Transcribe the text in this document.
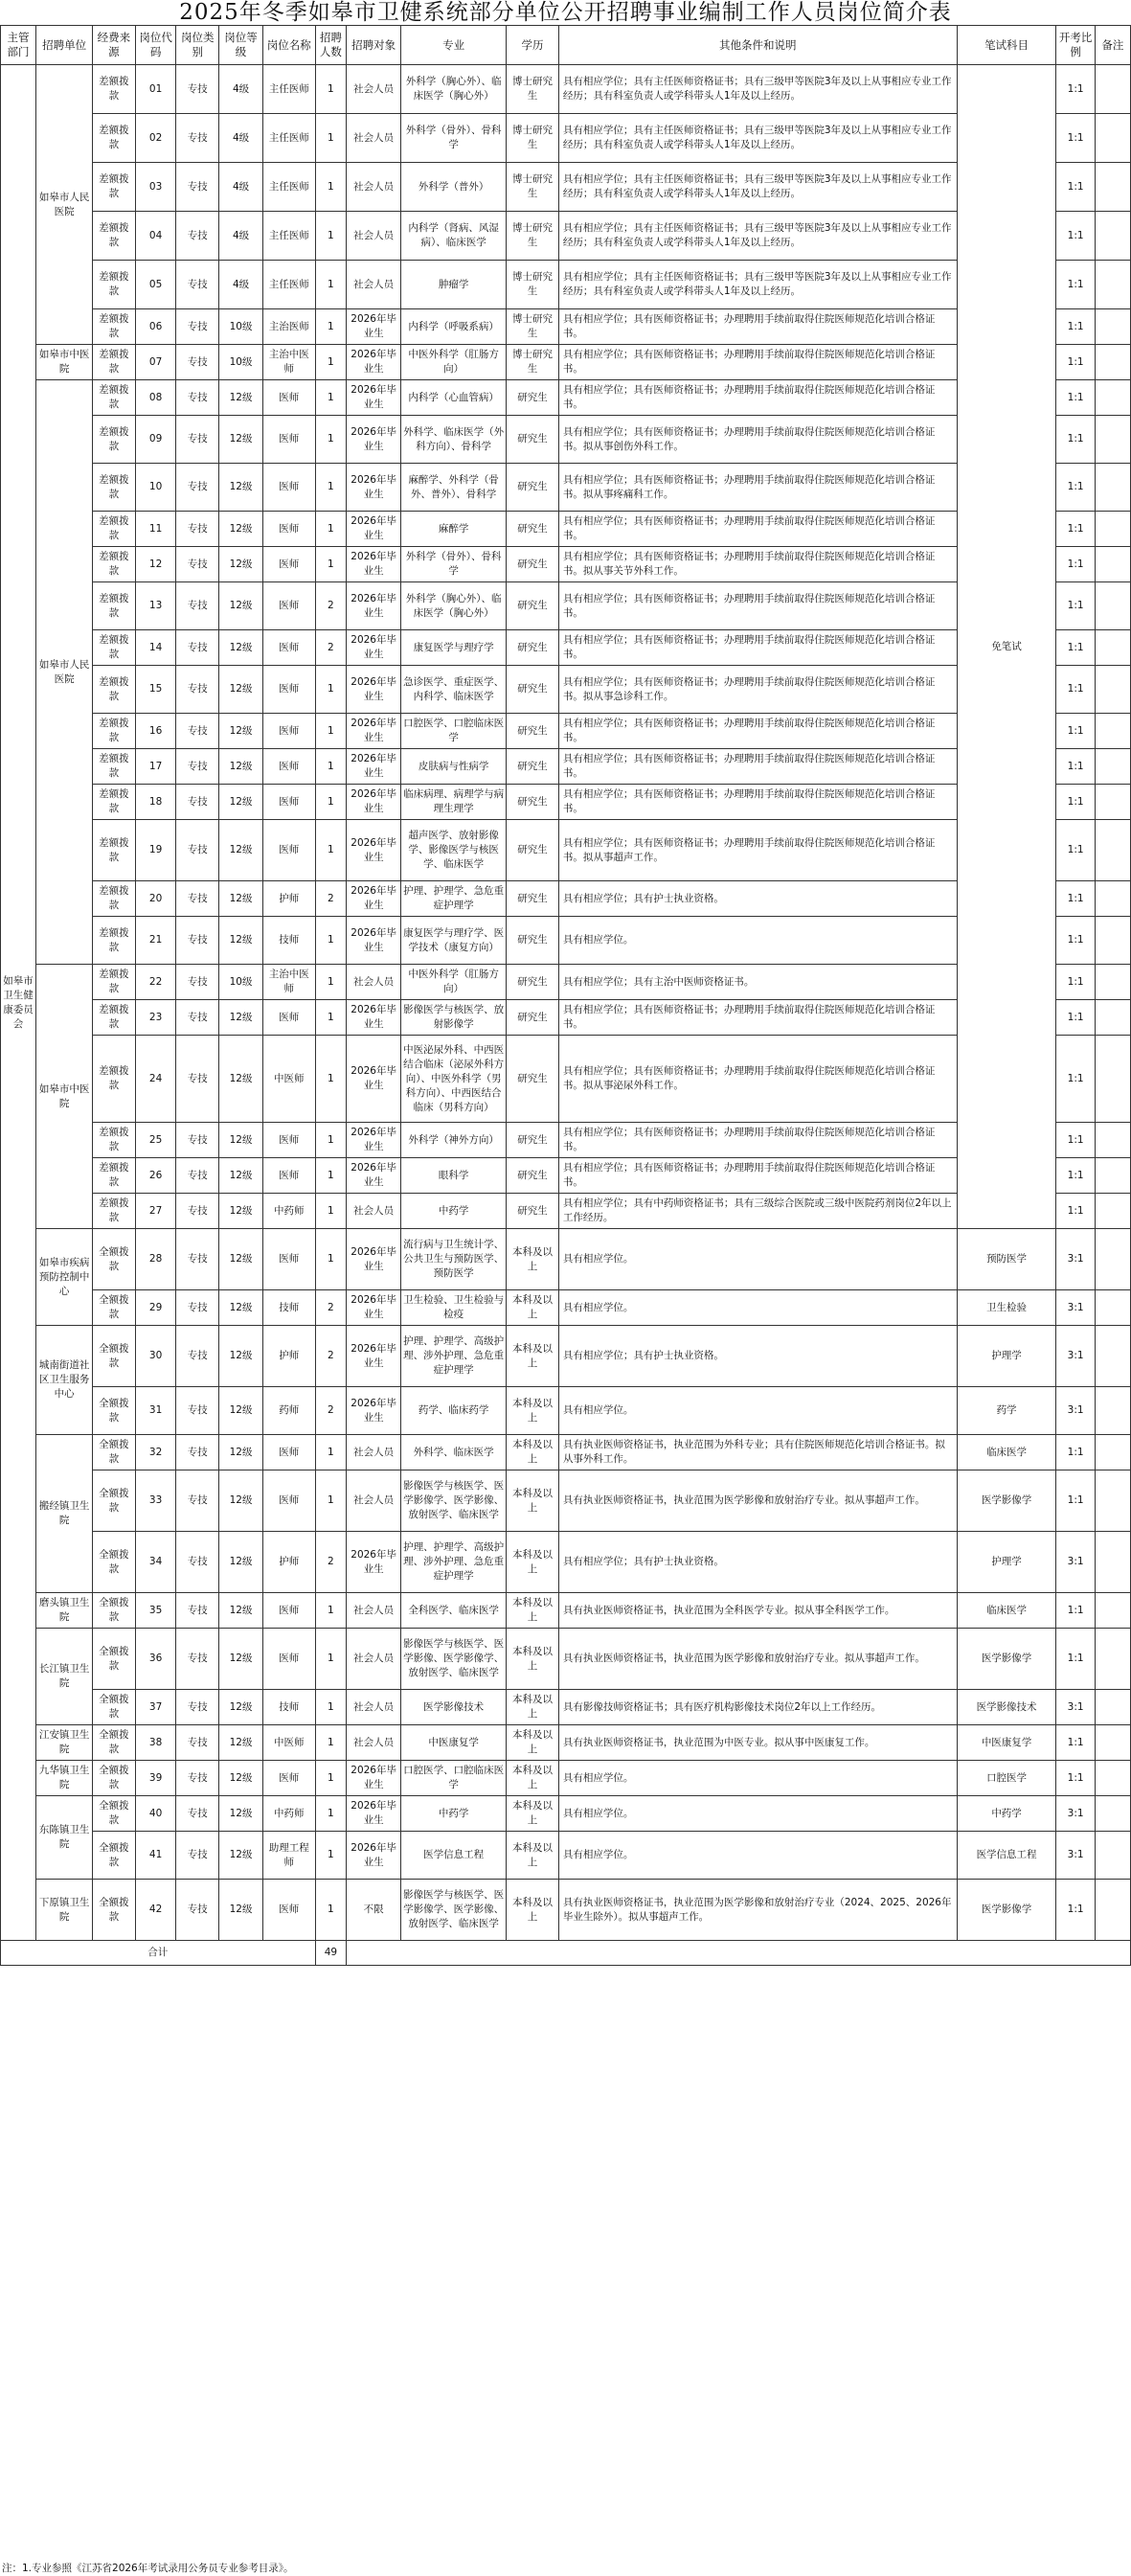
2025年冬季如皋市卫健系统部分单位公开招聘事业编制工作人员岗位简介表
主管部门	招聘单位	经费来源	岗位代码	岗位类别	岗位等级	岗位名称	招聘人数	招聘对象	专业	学历	其他条件和说明	笔试科目	开考比例	备注
如皋市卫生健康委员会	如皋市人民医院	差额拨款	01	专技	4级	主任医师	1	社会人员	外科学（胸心外）、临床医学（胸心外）	博士研究生	具有相应学位；具有主任医师资格证书；具有三级甲等医院3年及以上从事相应专业工作经历；具有科室负责人或学科带头人1年及以上经历。	免笔试	1:1	
		差额拨款	02	专技	4级	主任医师	1	社会人员	外科学（骨外）、骨科学	博士研究生	具有相应学位；具有主任医师资格证书；具有三级甲等医院3年及以上从事相应专业工作经历；具有科室负责人或学科带头人1年及以上经历。		1:1	
		差额拨款	03	专技	4级	主任医师	1	社会人员	外科学（普外）	博士研究生	具有相应学位；具有主任医师资格证书；具有三级甲等医院3年及以上从事相应专业工作经历；具有科室负责人或学科带头人1年及以上经历。		1:1	
		差额拨款	04	专技	4级	主任医师	1	社会人员	内科学（肾病、风湿病）、临床医学	博士研究生	具有相应学位；具有主任医师资格证书；具有三级甲等医院3年及以上从事相应专业工作经历；具有科室负责人或学科带头人1年及以上经历。		1:1	
		差额拨款	05	专技	4级	主任医师	1	社会人员	肿瘤学	博士研究生	具有相应学位；具有主任医师资格证书；具有三级甲等医院3年及以上从事相应专业工作经历；具有科室负责人或学科带头人1年及以上经历。		1:1	
		差额拨款	06	专技	10级	主治医师	1	2026年毕业生	内科学（呼吸系病）	博士研究生	具有相应学位；具有医师资格证书；办理聘用手续前取得住院医师规范化培训合格证书。		1:1	
	如皋市中医院	差额拨款	07	专技	10级	主治中医师	1	2026年毕业生	中医外科学（肛肠方向）	博士研究生	具有相应学位；具有医师资格证书；办理聘用手续前取得住院医师规范化培训合格证书。		1:1	
	如皋市人民医院	差额拨款	08	专技	12级	医师	1	2026年毕业生	内科学（心血管病）	研究生	具有相应学位；具有医师资格证书；办理聘用手续前取得住院医师规范化培训合格证书。		1:1	
		差额拨款	09	专技	12级	医师	1	2026年毕业生	外科学、临床医学（外科方向）、骨科学	研究生	具有相应学位；具有医师资格证书；办理聘用手续前取得住院医师规范化培训合格证书。拟从事创伤外科工作。		1:1	
		差额拨款	10	专技	12级	医师	1	2026年毕业生	麻醉学、外科学（骨外、普外）、骨科学	研究生	具有相应学位；具有医师资格证书；办理聘用手续前取得住院医师规范化培训合格证书。拟从事疼痛科工作。		1:1	
		差额拨款	11	专技	12级	医师	1	2026年毕业生	麻醉学	研究生	具有相应学位；具有医师资格证书；办理聘用手续前取得住院医师规范化培训合格证书。		1:1	
		差额拨款	12	专技	12级	医师	1	2026年毕业生	外科学（骨外）、骨科学	研究生	具有相应学位；具有医师资格证书；办理聘用手续前取得住院医师规范化培训合格证书。拟从事关节外科工作。		1:1	
		差额拨款	13	专技	12级	医师	2	2026年毕业生	外科学（胸心外）、临床医学（胸心外）	研究生	具有相应学位；具有医师资格证书；办理聘用手续前取得住院医师规范化培训合格证书。		1:1	
		差额拨款	14	专技	12级	医师	2	2026年毕业生	康复医学与理疗学	研究生	具有相应学位；具有医师资格证书；办理聘用手续前取得住院医师规范化培训合格证书。		1:1	
		差额拨款	15	专技	12级	医师	1	2026年毕业生	急诊医学、重症医学、内科学、临床医学	研究生	具有相应学位；具有医师资格证书；办理聘用手续前取得住院医师规范化培训合格证书。拟从事急诊科工作。		1:1	
		差额拨款	16	专技	12级	医师	1	2026年毕业生	口腔医学、口腔临床医学	研究生	具有相应学位；具有医师资格证书；办理聘用手续前取得住院医师规范化培训合格证书。		1:1	
		差额拨款	17	专技	12级	医师	1	2026年毕业生	皮肤病与性病学	研究生	具有相应学位；具有医师资格证书；办理聘用手续前取得住院医师规范化培训合格证书。		1:1	
		差额拨款	18	专技	12级	医师	1	2026年毕业生	临床病理、病理学与病理生理学	研究生	具有相应学位；具有医师资格证书；办理聘用手续前取得住院医师规范化培训合格证书。		1:1	
		差额拨款	19	专技	12级	医师	1	2026年毕业生	超声医学、放射影像学、影像医学与核医学、临床医学	研究生	具有相应学位；具有医师资格证书；办理聘用手续前取得住院医师规范化培训合格证书。拟从事超声工作。		1:1	
		差额拨款	20	专技	12级	护师	2	2026年毕业生	护理、护理学、急危重症护理学	研究生	具有相应学位；具有护士执业资格。		1:1	
		差额拨款	21	专技	12级	技师	1	2026年毕业生	康复医学与理疗学、医学技术（康复方向）	研究生	具有相应学位。		1:1	
	如皋市中医院	差额拨款	22	专技	10级	主治中医师	1	社会人员	中医外科学（肛肠方向）	研究生	具有相应学位；具有主治中医师资格证书。		1:1	
		差额拨款	23	专技	12级	医师	1	2026年毕业生	影像医学与核医学、放射影像学	研究生	具有相应学位；具有医师资格证书；办理聘用手续前取得住院医师规范化培训合格证书。		1:1	
		差额拨款	24	专技	12级	中医师	1	2026年毕业生	中医泌尿外科、中西医结合临床（泌尿外科方向）、中医外科学（男科方向）、中西医结合临床（男科方向）	研究生	具有相应学位；具有医师资格证书；办理聘用手续前取得住院医师规范化培训合格证书。拟从事泌尿外科工作。		1:1	
		差额拨款	25	专技	12级	医师	1	2026年毕业生	外科学（神外方向）	研究生	具有相应学位；具有医师资格证书；办理聘用手续前取得住院医师规范化培训合格证书。		1:1	
		差额拨款	26	专技	12级	医师	1	2026年毕业生	眼科学	研究生	具有相应学位；具有医师资格证书；办理聘用手续前取得住院医师规范化培训合格证书。		1:1	
		差额拨款	27	专技	12级	中药师	1	社会人员	中药学	研究生	具有相应学位；具有中药师资格证书；具有三级综合医院或三级中医院药剂岗位2年以上工作经历。		1:1	
	如皋市疾病预防控制中心	全额拨款	28	专技	12级	医师	1	2026年毕业生	流行病与卫生统计学、公共卫生与预防医学、预防医学	本科及以上	具有相应学位。	预防医学	3:1	
		全额拨款	29	专技	12级	技师	2	2026年毕业生	卫生检验、卫生检验与检疫	本科及以上	具有相应学位。	卫生检验	3:1	
	城南街道社区卫生服务中心	全额拨款	30	专技	12级	护师	2	2026年毕业生	护理、护理学、高级护理、涉外护理、急危重症护理学	本科及以上	具有相应学位；具有护士执业资格。	护理学	3:1	
		全额拨款	31	专技	12级	药师	2	2026年毕业生	药学、临床药学	本科及以上	具有相应学位。	药学	3:1	
	搬经镇卫生院	全额拨款	32	专技	12级	医师	1	社会人员	外科学、临床医学	本科及以上	具有执业医师资格证书，执业范围为外科专业；具有住院医师规范化培训合格证书。拟从事外科工作。	临床医学	1:1	
		全额拨款	33	专技	12级	医师	1	社会人员	影像医学与核医学、医学影像学、医学影像、放射医学、临床医学	本科及以上	具有执业医师资格证书，执业范围为医学影像和放射治疗专业。拟从事超声工作。	医学影像学	1:1	
		全额拨款	34	专技	12级	护师	2	2026年毕业生	护理、护理学、高级护理、涉外护理、急危重症护理学	本科及以上	具有相应学位；具有护士执业资格。	护理学	3:1	
	磨头镇卫生院	全额拨款	35	专技	12级	医师	1	社会人员	全科医学、临床医学	本科及以上	具有执业医师资格证书，执业范围为全科医学专业。拟从事全科医学工作。	临床医学	1:1	
	长江镇卫生院	全额拨款	36	专技	12级	医师	1	社会人员	影像医学与核医学、医学影像、医学影像学、放射医学、临床医学	本科及以上	具有执业医师资格证书，执业范围为医学影像和放射治疗专业。拟从事超声工作。	医学影像学	1:1	
		全额拨款	37	专技	12级	技师	1	社会人员	医学影像技术	本科及以上	具有影像技师资格证书；具有医疗机构影像技术岗位2年以上工作经历。	医学影像技术	3:1	
	江安镇卫生院	全额拨款	38	专技	12级	中医师	1	社会人员	中医康复学	本科及以上	具有执业医师资格证书，执业范围为中医专业。拟从事中医康复工作。	中医康复学	1:1	
	九华镇卫生院	全额拨款	39	专技	12级	医师	1	2026年毕业生	口腔医学、口腔临床医学	本科及以上	具有相应学位。	口腔医学	1:1	
	东陈镇卫生院	全额拨款	40	专技	12级	中药师	1	2026年毕业生	中药学	本科及以上	具有相应学位。	中药学	3:1	
		全额拨款	41	专技	12级	助理工程师	1	2026年毕业生	医学信息工程	本科及以上	具有相应学位。	医学信息工程	3:1	
	下原镇卫生院	全额拨款	42	专技	12级	医师	1	不限	影像医学与核医学、医学影像学、医学影像、放射医学、临床医学	本科及以上	具有执业医师资格证书，执业范围为医学影像和放射治疗专业（2024、2025、2026年毕业生除外）。拟从事超声工作。	医学影像学	1:1	
合计							49							
注：1.专业参照《江苏省2026年考试录用公务员专业参考目录》。
